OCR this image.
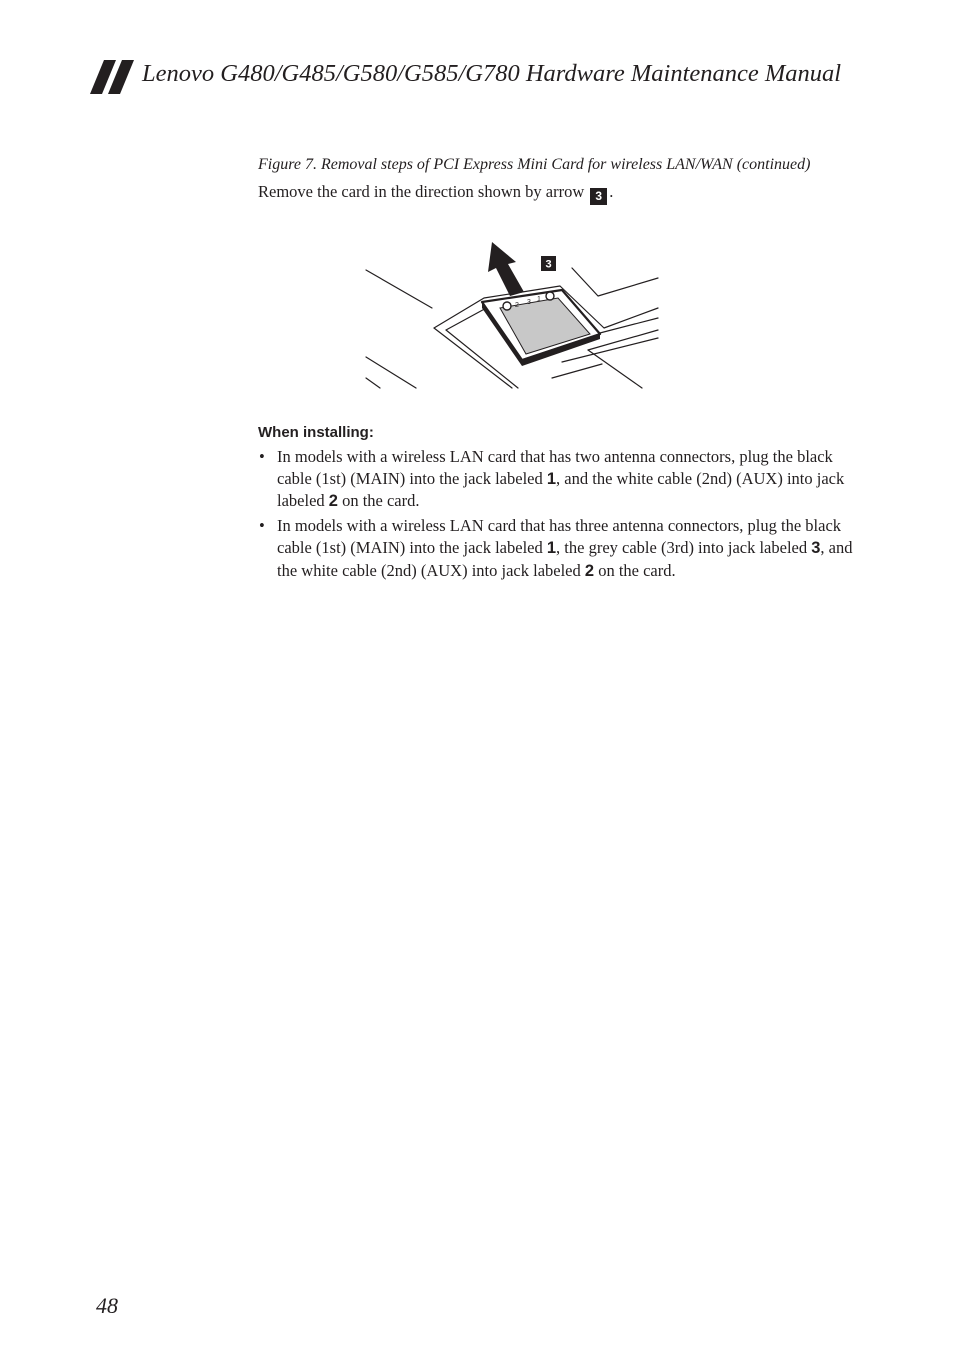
Lenovo G480/G485/G580/G585/G780 Hardware Maintenance Manual
Figure 7. Removal steps of PCI Express Mini Card for wireless LAN/WAN (continued)
Remove the card in the direction shown by arrow 3 .
2 3 1
3
When installing:
• In models with a wireless LAN card that has two antenna connectors, plug the black cable (1st) (MAIN) into the jack labeled 1, and the white cable (2nd) (AUX) into jack labeled 2 on the card.
• In models with a wireless LAN card that has three antenna connectors, plug the black cable (1st) (MAIN) into the jack labeled 1, the grey cable (3rd) into jack labeled 3, and the white cable (2nd) (AUX) into jack labeled 2 on the card.
48
